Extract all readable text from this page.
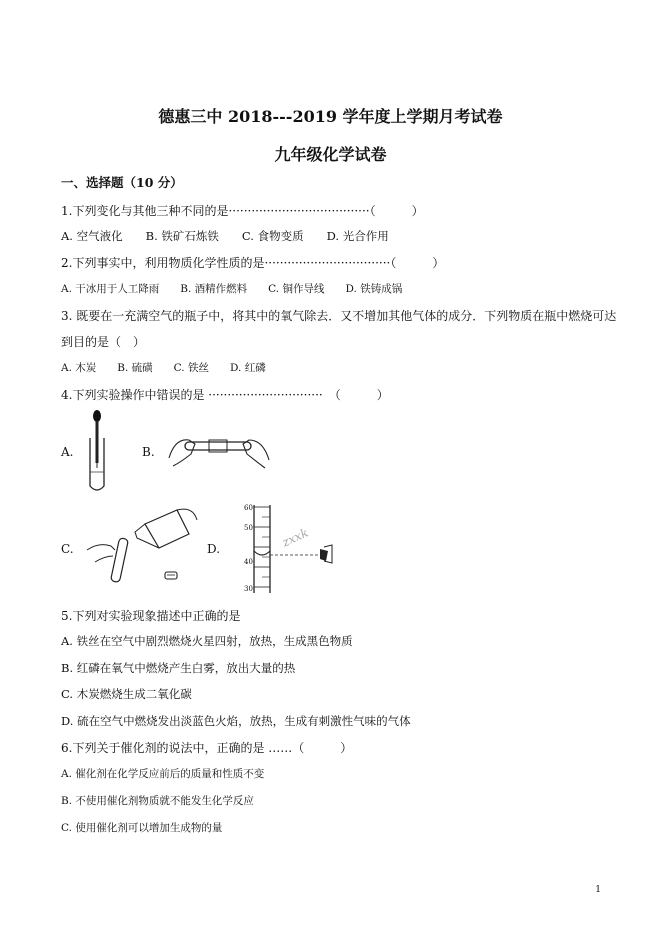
德惠三中 2018---2019 学年度上学期月考试卷
九年级化学试卷
一、选择题（10 分）
1.下列变化与其他三种不同的是·····································（　　　）
A. 空气液化　　B. 铁矿石炼铁　　C. 食物变质　　D. 光合作用
2.下列事实中，利用物质化学性质的是·································（　　　）
A. 干冰用于人工降雨　　B. 酒精作燃料　　C. 铜作导线　　D. 铁铸成锅
3. 既要在一充满空气的瓶子中，将其中的氧气除去．又不增加其他气体的成分．下列物质在瓶中燃烧可达
到目的是（　）
A. 木炭　　B. 硫磺　　C. 铁丝　　D. 红磷
4.下列实验操作中错误的是 ······························　（　　　）
A.	B.
C.	D.	zxxk
60
50
40
30
5.下列对实验现象描述中正确的是
A. 铁丝在空气中剧烈燃烧火星四射，放热，生成黑色物质
B. 红磷在氧气中燃烧产生白雾，放出大量的热
C. 木炭燃烧生成二氧化碳
D. 硫在空气中燃烧发出淡蓝色火焰，放热，生成有刺激性气味的气体
6.下列关于催化剂的说法中，正确的是 ……（　　　）
A. 催化剂在化学反应前后的质量和性质不变
B. 不使用催化剂物质就不能发生化学反应
C. 使用催化剂可以增加生成物的量
1
